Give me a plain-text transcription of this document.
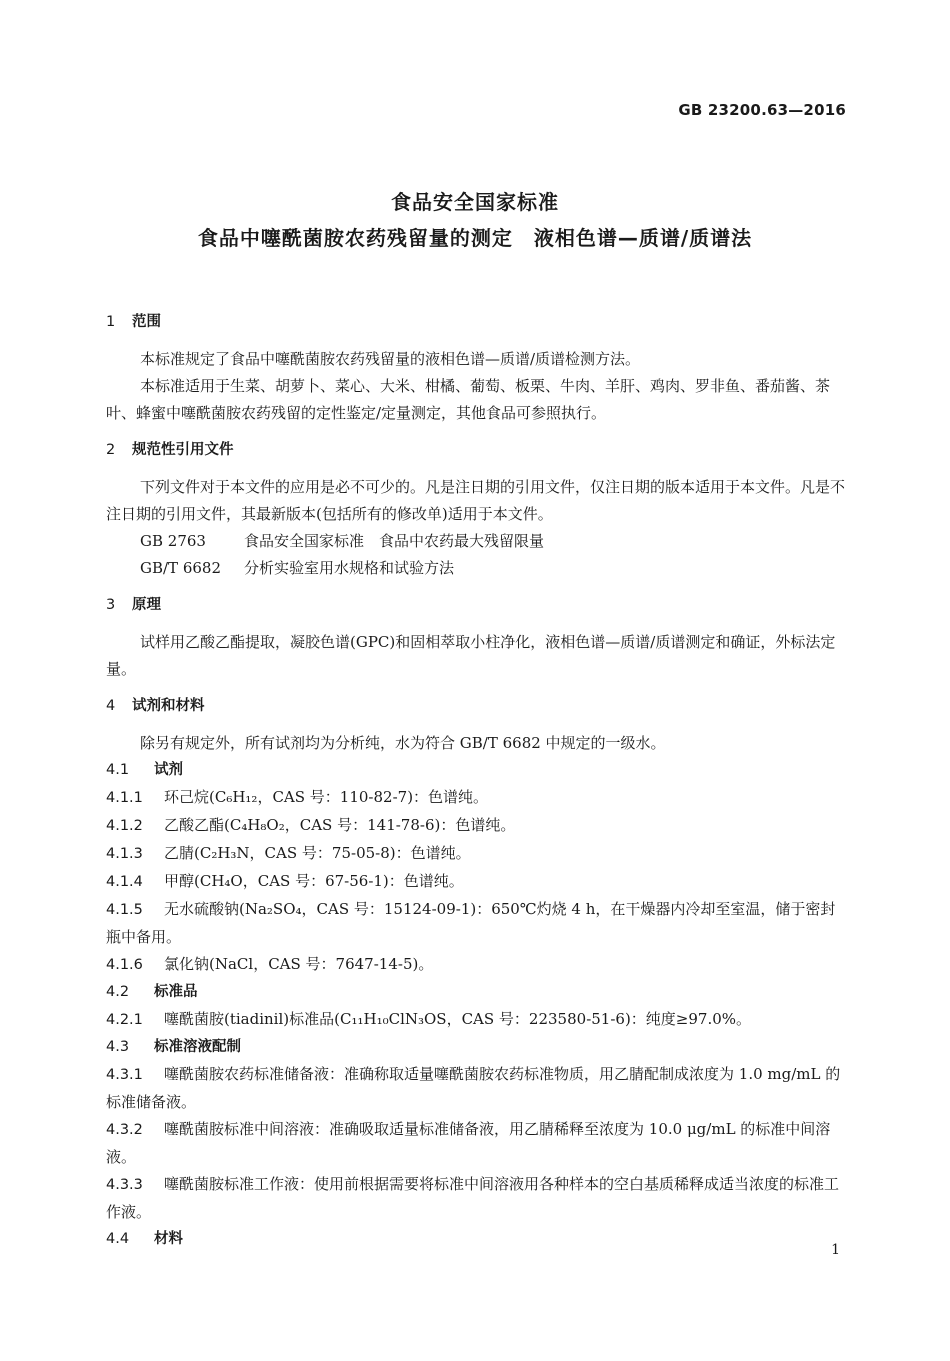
GB 23200.63—2016
食品安全国家标准
食品中噻酰菌胺农药残留量的测定　液相色谱—质谱/质谱法
1 范围
本标准规定了食品中噻酰菌胺农药残留量的液相色谱—质谱/质谱检测方法。
本标准适用于生菜、胡萝卜、菜心、大米、柑橘、葡萄、板栗、牛肉、羊肝、鸡肉、罗非鱼、番茄酱、茶叶、蜂蜜中噻酰菌胺农药残留的定性鉴定/定量测定，其他食品可参照执行。
2 规范性引用文件
下列文件对于本文件的应用是必不可少的。凡是注日期的引用文件，仅注日期的版本适用于本文件。凡是不注日期的引用文件，其最新版本(包括所有的修改单)适用于本文件。
GB 2763	食品安全国家标准　食品中农药最大残留限量
GB/T 6682 分析实验室用水规格和试验方法
3 原理
试样用乙酸乙酯提取，凝胶色谱(GPC)和固相萃取小柱净化，液相色谱—质谱/质谱测定和确证，外标法定量。
4 试剂和材料
除另有规定外，所有试剂均为分析纯，水为符合 GB/T 6682 中规定的一级水。
4.1 试剂
4.1.1 环己烷(C₆H₁₂，CAS 号：110-82-7)：色谱纯。
4.1.2 乙酸乙酯(C₄H₈O₂，CAS 号：141-78-6)：色谱纯。
4.1.3 乙腈(C₂H₃N，CAS 号：75-05-8)：色谱纯。
4.1.4 甲醇(CH₄O，CAS 号：67-56-1)：色谱纯。
4.1.5 无水硫酸钠(Na₂SO₄，CAS 号：15124-09-1)：650℃灼烧 4 h，在干燥器内冷却至室温，储于密封瓶中备用。
4.1.6 氯化钠(NaCl，CAS 号：7647-14-5)。
4.2 标准品
4.2.1 噻酰菌胺(tiadinil)标准品(C₁₁H₁₀ClN₃OS，CAS 号：223580-51-6)：纯度≥97.0%。
4.3 标准溶液配制
4.3.1 噻酰菌胺农药标准储备液：准确称取适量噻酰菌胺农药标准物质，用乙腈配制成浓度为 1.0 mg/mL 的标准储备液。
4.3.2 噻酰菌胺标准中间溶液：准确吸取适量标准储备液，用乙腈稀释至浓度为 10.0 μg/mL 的标准中间溶液。
4.3.3 噻酰菌胺标准工作液：使用前根据需要将标准中间溶液用各种样本的空白基质稀释成适当浓度的标准工作液。
4.4 材料
1
